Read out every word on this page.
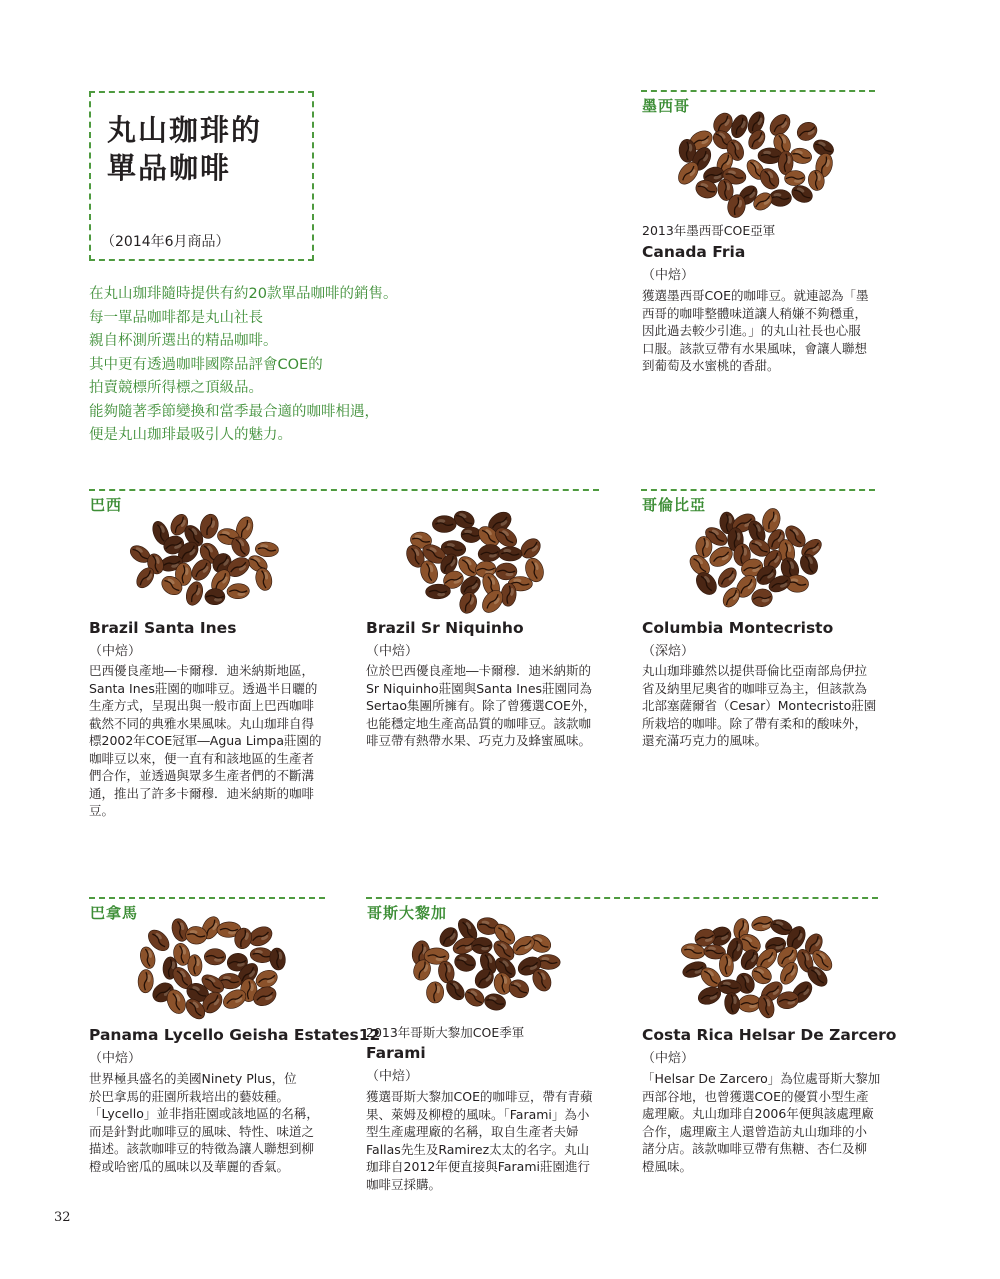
丸山珈琲的
單品咖啡
（2014年6月商品）
在丸山珈琲隨時提供有約20款單品咖啡的銷售。
每一單品咖啡都是丸山社長
親自杯測所選出的精品咖啡。
其中更有透過咖啡國際品評會COE的
拍賣競標所得標之頂級品。
能夠隨著季節變換和當季最合適的咖啡相遇，
便是丸山珈琲最吸引人的魅力。
墨西哥
2013年墨西哥COE亞軍
Canada Fria
（中焙）
獲選墨西哥COE的咖啡豆。就連認為「墨
西哥的咖啡整體味道讓人稍嫌不夠穩重，
因此過去較少引進。」的丸山社長也心服
口服。該款豆帶有水果風味，會讓人聯想
到葡萄及水蜜桃的香甜。
巴西
Brazil Santa Ines
（中焙）
巴西優良產地―卡爾穆．迪米納斯地區，
Santa Ines莊園的咖啡豆。透過半日曬的
生產方式，呈現出與一般市面上巴西咖啡
截然不同的典雅水果風味。丸山珈琲自得
標2002年COE冠軍―Agua Limpa莊園的
咖啡豆以來，便一直有和該地區的生產者
們合作，並透過與眾多生產者們的不斷溝
通，推出了許多卡爾穆．迪米納斯的咖啡
豆。
Brazil Sr Niquinho
（中焙）
位於巴西優良產地―卡爾穆．迪米納斯的
Sr Niquinho莊園與Santa Ines莊園同為
Sertao集團所擁有。除了曾獲選COE外，
也能穩定地生產高品質的咖啡豆。該款咖
啡豆帶有熱帶水果、巧克力及蜂蜜風味。
哥倫比亞
Columbia Montecristo
（深焙）
丸山珈琲雖然以提供哥倫比亞南部烏伊拉
省及納里尼奧省的咖啡豆為主，但該款為
北部塞薩爾省（Cesar）Montecristo莊園
所栽培的咖啡。除了帶有柔和的酸味外，
還充滿巧克力的風味。
巴拿馬
Panama Lycello Geisha Estates12
（中焙）
世界極具盛名的美國Ninety Plus，位
於巴拿馬的莊園所栽培出的藝妓種。
「Lycello」並非指莊園或該地區的名稱，
而是針對此咖啡豆的風味、特性、味道之
描述。該款咖啡豆的特徵為讓人聯想到柳
橙或哈密瓜的風味以及華麗的香氣。
哥斯大黎加
2013年哥斯大黎加COE季軍
Farami
（中焙）
獲選哥斯大黎加COE的咖啡豆，帶有青蘋
果、萊姆及柳橙的風味。「Farami」為小
型生產處理廠的名稱，取自生產者夫婦
Fallas先生及Ramirez太太的名字。丸山
珈琲自2012年便直接與Farami莊園進行
咖啡豆採購。
Costa Rica Helsar De Zarcero
（中焙）
「Helsar De Zarcero」為位處哥斯大黎加
西部谷地，也曾獲選COE的優質小型生產
處理廠。丸山珈琲自2006年便與該處理廠
合作，處理廠主人還曾造訪丸山珈琲的小
諸分店。該款咖啡豆帶有焦糖、杏仁及柳
橙風味。
32
